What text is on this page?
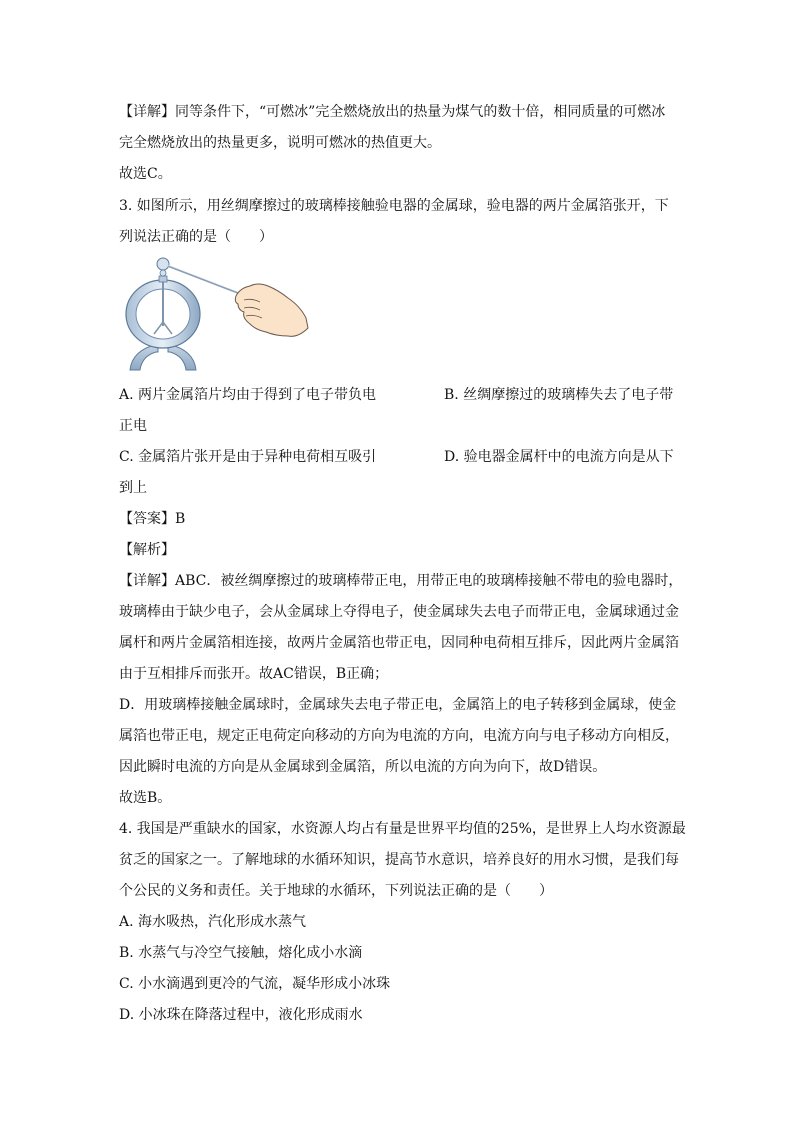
【详解】同等条件下，“可燃冰”完全燃烧放出的热量为煤气的数十倍，相同质量的可燃冰
完全燃烧放出的热量更多，说明可燃冰的热值更大。
故选C。
3. 如图所示，用丝绸摩擦过的玻璃棒接触验电器的金属球，验电器的两片金属箔张开，下
列说法正确的是（　　）
A. 两片金属箔片均由于得到了电子带负电	B. 丝绸摩擦过的玻璃棒失去了电子带
正电
C. 金属箔片张开是由于异种电荷相互吸引	D. 验电器金属杆中的电流方向是从下
到上
【答案】B
【解析】
【详解】ABC．被丝绸摩擦过的玻璃棒带正电，用带正电的玻璃棒接触不带电的验电器时，
玻璃棒由于缺少电子，会从金属球上夺得电子，使金属球失去电子而带正电，金属球通过金
属杆和两片金属箔相连接，故两片金属箔也带正电，因同种电荷相互排斥，因此两片金属箔
由于互相排斥而张开。故AC错误，B正确；
D．用玻璃棒接触金属球时，金属球失去电子带正电，金属箔上的电子转移到金属球，使金
属箔也带正电，规定正电荷定向移动的方向为电流的方向，电流方向与电子移动方向相反，
因此瞬时电流的方向是从金属球到金属箔，所以电流的方向为向下，故D错误。
故选B。
4. 我国是严重缺水的国家，水资源人均占有量是世界平均值的25%，是世界上人均水资源最
贫乏的国家之一。了解地球的水循环知识，提高节水意识，培养良好的用水习惯，是我们每
个公民的义务和责任。关于地球的水循环，下列说法正确的是（　　）
A. 海水吸热，汽化形成水蒸气
B. 水蒸气与冷空气接触，熔化成小水滴
C. 小水滴遇到更冷的气流，凝华形成小冰珠
D. 小冰珠在降落过程中，液化形成雨水
